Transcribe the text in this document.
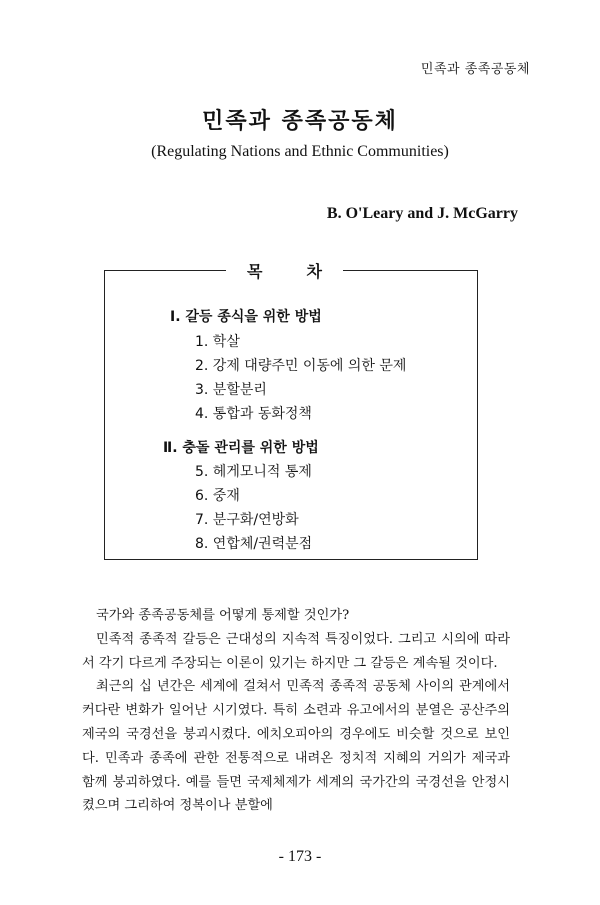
민족과 종족공동체
민족과 종족공동체
(Regulating Nations and Ethnic Communities)
B. O'Leary and J. McGarry
목	차
Ⅰ. 갈등 종식을 위한 방법
1. 학살
2. 강제 대량주민 이동에 의한 문제
3. 분할분리
4. 통합과 동화정책
Ⅱ. 충돌 관리를 위한 방법
5. 헤게모니적 통제
6. 중재
7. 분구화/연방화
8. 연합체/권력분점

국가와 종족공동체를 어떻게 통제할 것인가?

민족적 종족적 갈등은 근대성의 지속적 특징이었다. 그리고 시의에 따라서 각기 다르게 주장되는 이론이 있기는 하지만 그 갈등은 계속될 것이다.

최근의 십 년간은 세계에 걸쳐서 민족적 종족적 공동체 사이의 관계에서 커다란 변화가 일어난 시기였다. 특히 소련과 유고에서의 분열은 공산주의 제국의 국경선을 붕괴시켰다. 에치오피아의 경우에도 비슷할 것으로 보인다. 민족과 종족에 관한 전통적으로 내려온 정치적 지혜의 거의가 제국과 함께 붕괴하였다. 예를 들면 국제체제가 세계의 국가간의 국경선을 안정시켰으며 그리하여 정복이나 분할에

- 173 -
